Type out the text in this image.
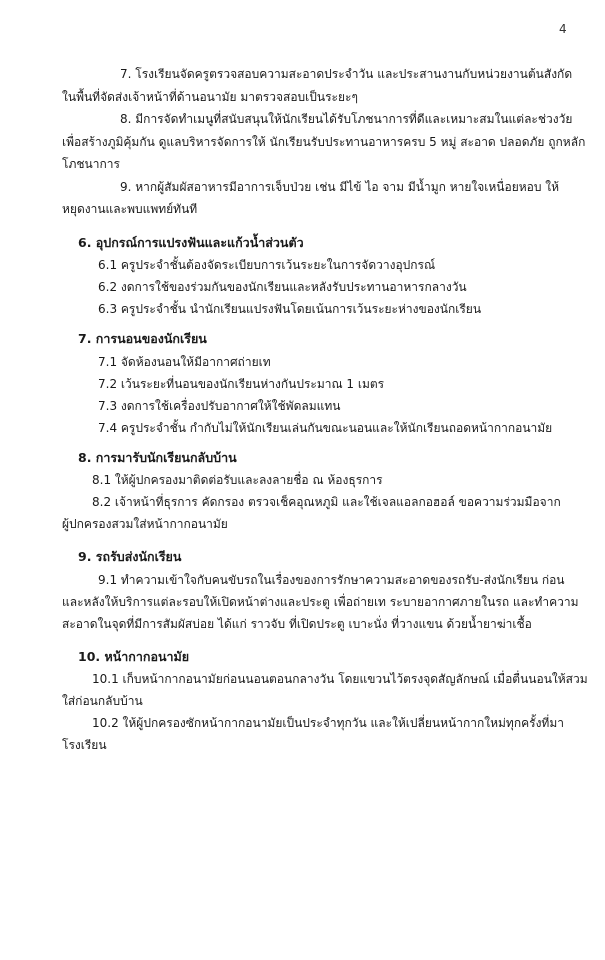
4
7. โรงเรียนจัดครูตรวจสอบความสะอาดประจำวัน และประสานงานกับหน่วยงานต้นสังกัด
ในพื้นที่จัดส่งเจ้าหน้าที่ด้านอนามัย มาตรวจสอบเป็นระยะๆ
8. มีการจัดทำเมนูที่สนับสนุนให้นักเรียนได้รับโภชนาการที่ดีและเหมาะสมในแต่ละช่วงวัย
เพื่อสร้างภูมิคุ้มกัน ดูแลบริหารจัดการให้ นักเรียนรับประทานอาหารครบ 5 หมู่ สะอาด ปลอดภัย ถูกหลัก
โภชนาการ
9. หากผู้สัมผัสอาหารมีอาการเจ็บป่วย เช่น มีไข้ ไอ จาม มีน้ำมูก หายใจเหนื่อยหอบ ให้
หยุดงานและพบแพทย์ทันที
6. อุปกรณ์การแปรงฟันและแก้วน้ำส่วนตัว
6.1 ครูประจำชั้นต้องจัดระเบียบการเว้นระยะในการจัดวางอุปกรณ์
6.2 งดการใช้ของร่วมกันของนักเรียนและหลังรับประทานอาหารกลางวัน
6.3 ครูประจำชั้น นำนักเรียนแปรงฟันโดยเน้นการเว้นระยะห่างของนักเรียน
7. การนอนของนักเรียน
7.1 จัดห้องนอนให้มีอากาศถ่ายเท
7.2 เว้นระยะที่นอนของนักเรียนห่างกันประมาณ 1 เมตร
7.3 งดการใช้เครื่องปรับอากาศให้ใช้พัดลมแทน
7.4 ครูประจำชั้น กำกับไม่ให้นักเรียนเล่นกันขณะนอนและให้นักเรียนถอดหน้ากากอนามัย
8. การมารับนักเรียนกลับบ้าน
8.1 ให้ผู้ปกครองมาติดต่อรับและลงลายชื่อ ณ ห้องธุรการ
8.2 เจ้าหน้าที่ธุรการ คัดกรอง ตรวจเช็คอุณหภูมิ และใช้เจลแอลกอฮอล์ ขอความร่วมมือจาก
ผู้ปกครองสวมใส่หน้ากากอนามัย
9. รถรับส่งนักเรียน
9.1 ทำความเข้าใจกับคนขับรถในเรื่องของการรักษาความสะอาดของรถรับ-ส่งนักเรียน ก่อน
และหลังให้บริการแต่ละรอบให้เปิดหน้าต่างและประตู เพื่อถ่ายเท ระบายอากาศภายในรถ และทำความ
สะอาดในจุดที่มีการสัมผัสบ่อย ได้แก่ ราวจับ ที่เปิดประตู เบาะนั่ง ที่วางแขน ด้วยน้ำยาฆ่าเชื้อ
10. หน้ากากอนามัย
10.1 เก็บหน้ากากอนามัยก่อนนอนตอนกลางวัน โดยแขวนไว้ตรงจุดสัญลักษณ์ เมื่อตื่นนอนให้สวม
ใส่ก่อนกลับบ้าน
10.2 ให้ผู้ปกครองซักหน้ากากอนามัยเป็นประจำทุกวัน และให้เปลี่ยนหน้ากากใหม่ทุกครั้งที่มา
โรงเรียน
